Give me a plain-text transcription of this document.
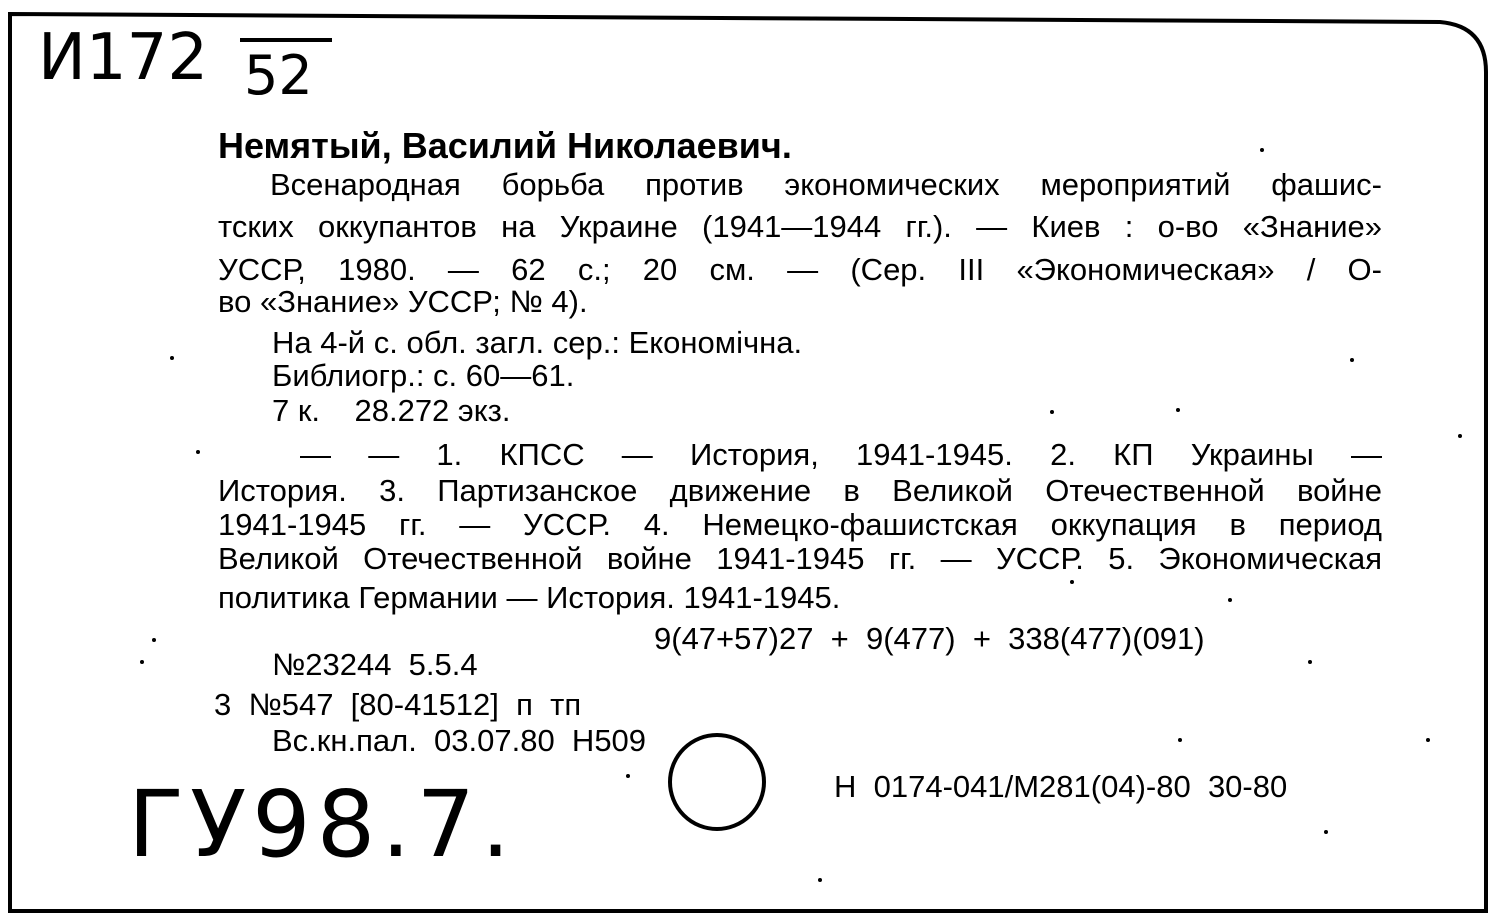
И172 52
Немятый, Василий Николаевич.
Всенародная борьба против экономических мероприятий фашис-
тских оккупантов на Украине (1941—1944 гг.). — Киев : о-во «Знание»
УССР, 1980. — 62 с.; 20 см. — (Сер. III «Экономическая» / О-
во «Знание» УССР; № 4).
На 4-й с. обл. загл. сер.: Економічна.
Библиогр.: с. 60—61.
7 к.    28.272 экз.
— — 1. КПСС — История, 1941-1945. 2. КП Украины —
История. 3. Партизанское движение в Великой Отечественной войне
1941-1945 гг. — УССР. 4. Немецко-фашистская оккупация в период
Великой Отечественной войне 1941-1945 гг. — УССР. 5. Экономическая
политика Германии — История. 1941-1945.
9(47+57)27  +  9(477)  +  338(477)(091)
№23244  5.5.4
3  №547  [80-41512]  п  тп
Вс.кн.пал.  03.07.80  Н509
Н  0174-041/М281(04)-80  30-80
ГУ98.7.
